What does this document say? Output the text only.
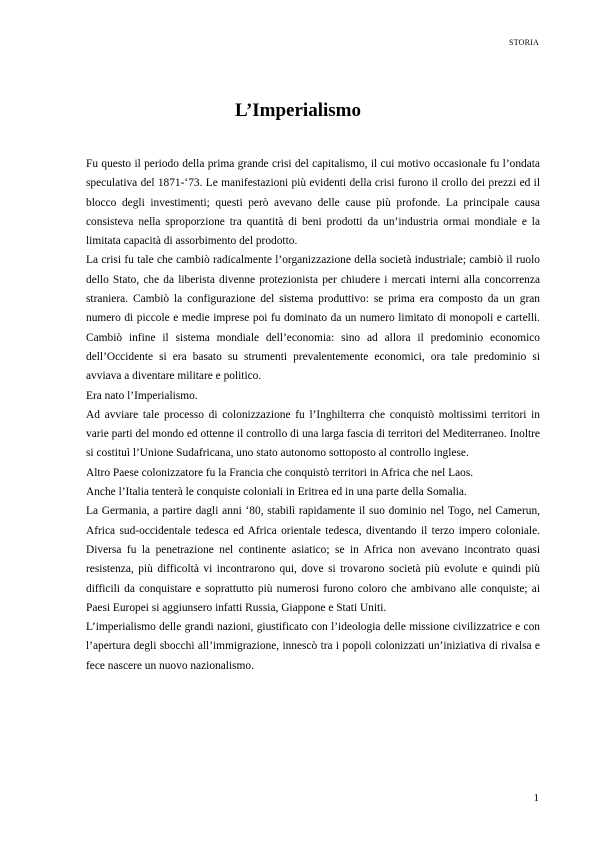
STORIA
L’Imperialismo

Fu questo il periodo della prima grande crisi del capitalismo, il cui motivo occasionale fu l’ondata speculativa del 1871-‘73. Le manifestazioni più evidenti della crisi furono il crollo dei prezzi ed il blocco degli investimenti; questi però avevano delle cause più profonde. La principale causa consisteva nella sproporzione tra quantità di beni prodotti da un’industria ormai mondiale e la limitata capacità di assorbimento del prodotto.

La crisi fu tale che cambiò radicalmente l’organizzazione della società industriale; cambiò il ruolo dello Stato, che da liberista divenne protezionista per chiudere i mercati interni alla concorrenza straniera. Cambiò la configurazione del sistema produttivo: se prima era composto da un gran numero di piccole e medie imprese poi fu dominato da un numero limitato di monopoli e cartelli. Cambiò infine il sistema mondiale dell’economia: sino ad allora il predominio economico dell’Occidente si era basato su strumenti prevalentemente economici, ora tale predominio si avviava a diventare militare e politico.

Era nato l’Imperialismo.

Ad avviare tale processo di colonizzazione fu l’Inghilterra che conquistò moltissimi territori in varie parti del mondo ed ottenne il controllo di una larga fascia di territori del Mediterraneo. Inoltre si costituì l’Unione Sudafricana, uno stato autonomo sottoposto al controllo inglese.

Altro Paese colonizzatore fu la Francia che conquistò territori in Africa che nel Laos.

Anche l’Italia tenterà le conquiste coloniali in Eritrea ed in una parte della Somalia.

La Germania, a partire dagli anni ‘80, stabilì rapidamente il suo dominio nel Togo, nel Camerun, Africa sud-occidentale tedesca ed Africa orientale tedesca, diventando il terzo impero coloniale. Diversa fu la penetrazione nel continente asiatico; se in Africa non avevano incontrato quasi resistenza, più difficoltà vi incontrarono qui, dove si trovarono società più evolute e quindi più difficili da conquistare e soprattutto più numerosi furono coloro che ambivano alle conquiste; ai Paesi Europei si aggiunsero infatti Russia, Giappone e Stati Uniti.

L’imperialismo delle grandi nazioni, giustificato con l’ideologia delle missione civilizzatrice e con l’apertura degli sbocchi all’immigrazione, innescò tra i popoli colonizzati un’iniziativa di rivalsa e fece nascere un nuovo nazionalismo.

1
